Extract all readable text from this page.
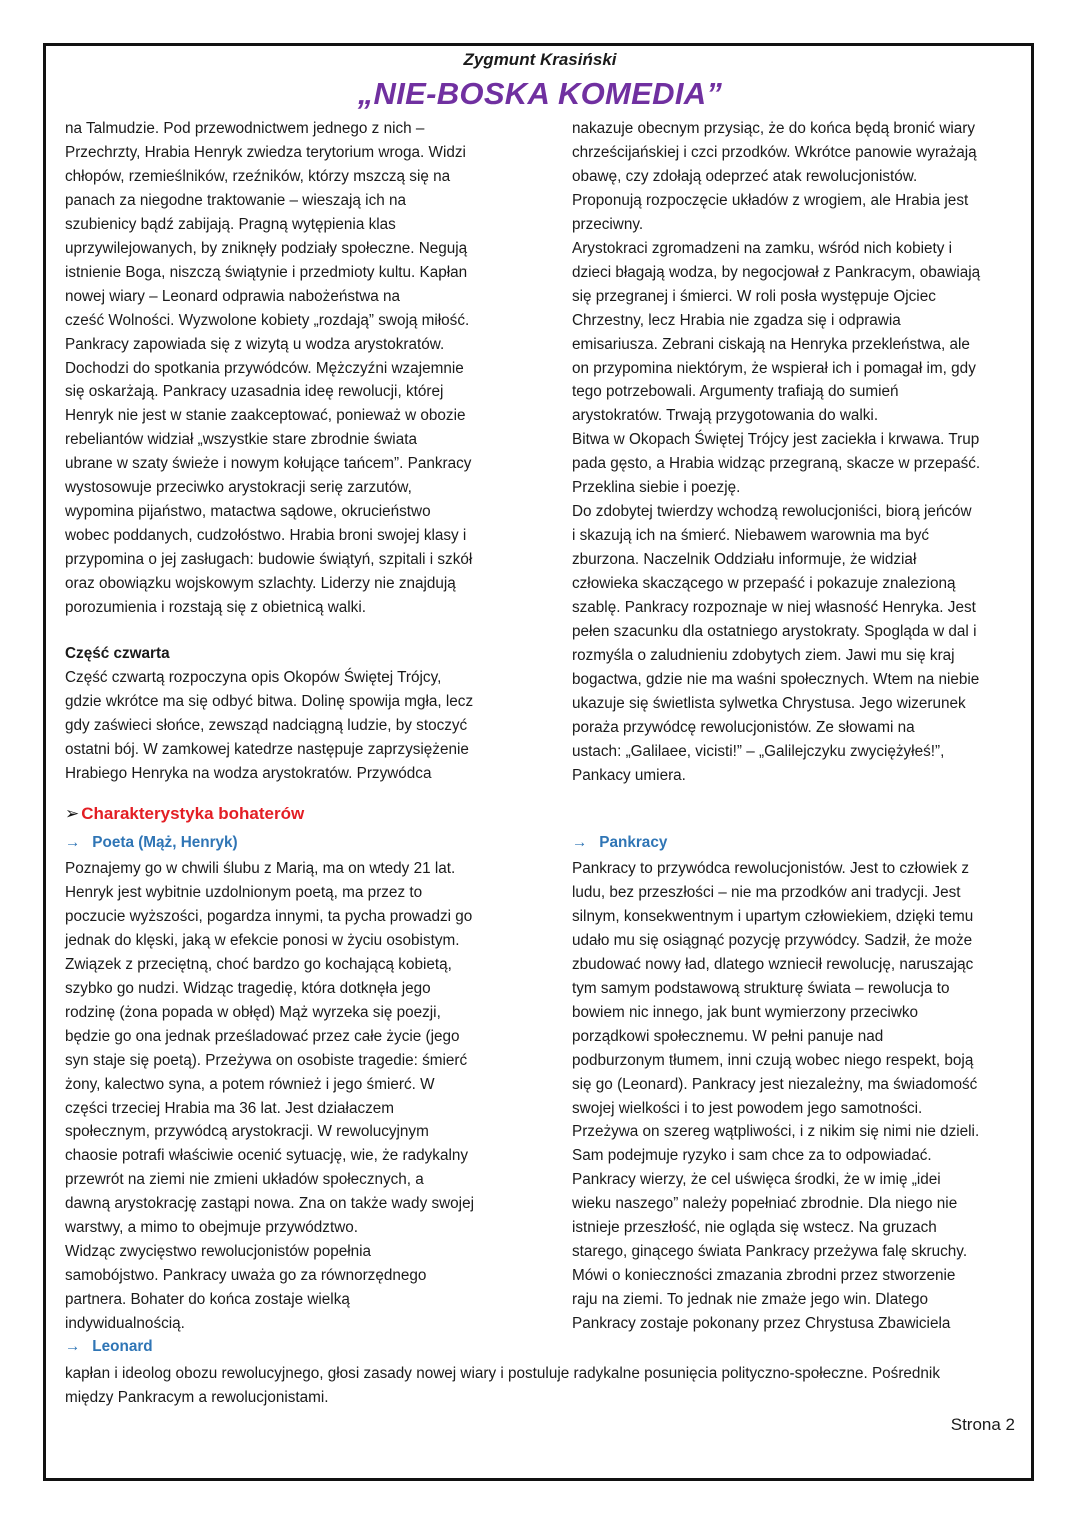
Zygmunt Krasiński
„NIE-BOSKA KOMEDIA”

na Talmudzie. Pod przewodnictwem jednego z nich –

Przechrzty, Hrabia Henryk zwiedza terytorium wroga. Widzi

chłopów, rzemieślników, rzeźników, którzy mszczą się na

panach za niegodne traktowanie – wieszają ich na

szubienicy bądź zabijają. Pragną wytępienia klas

uprzywilejowanych, by zniknęły podziały społeczne. Negują

istnienie Boga, niszczą świątynie i przedmioty kultu. Kapłan

nowej wiary – Leonard odprawia nabożeństwa na

cześć Wolności. Wyzwolone kobiety „rozdają” swoją miłość.

Pankracy zapowiada się z wizytą u wodza arystokratów.

Dochodzi do spotkania przywódców. Mężczyźni wzajemnie

się oskarżają. Pankracy uzasadnia ideę rewolucji, której

Henryk nie jest w stanie zaakceptować, ponieważ w obozie

rebeliantów widział „wszystkie stare zbrodnie świata

ubrane w szaty świeże i nowym kołujące tańcem”. Pankracy

wystosowuje przeciwko arystokracji serię zarzutów,

wypomina pijaństwo, matactwa sądowe, okrucieństwo

wobec poddanych, cudzołóstwo. Hrabia broni swojej klasy i

przypomina o jej zasługach: budowie świątyń, szpitali i szkół

oraz obowiązku wojskowym szlachty. Liderzy nie znajdują

porozumienia i rozstają się z obietnicą walki.

Część czwarta

Część czwartą rozpoczyna opis Okopów Świętej Trójcy,

gdzie wkrótce ma się odbyć bitwa. Dolinę spowija mgła, lecz

gdy zaświeci słońce, zewsząd nadciągną ludzie, by stoczyć

ostatni bój. W zamkowej katedrze następuje zaprzysiężenie

Hrabiego Henryka na wodza arystokratów. Przywódca

nakazuje obecnym przysiąc, że do końca będą bronić wiary

chrześcijańskiej i czci przodków. Wkrótce panowie wyrażają

obawę, czy zdołają odeprzeć atak rewolucjonistów.

Proponują rozpoczęcie układów z wrogiem, ale Hrabia jest

przeciwny.

Arystokraci zgromadzeni na zamku, wśród nich kobiety i

dzieci błagają wodza, by negocjował z Pankracym, obawiają

się przegranej i śmierci. W roli posła występuje Ojciec

Chrzestny, lecz Hrabia nie zgadza się i odprawia

emisariusza. Zebrani ciskają na Henryka przekleństwa, ale

on przypomina niektórym, że wspierał ich i pomagał im, gdy

tego potrzebowali. Argumenty trafiają do sumień

arystokratów. Trwają przygotowania do walki.

Bitwa w Okopach Świętej Trójcy jest zaciekła i krwawa. Trup

pada gęsto, a Hrabia widząc przegraną, skacze w przepaść.

Przeklina siebie i poezję.

Do zdobytej twierdzy wchodzą rewolucjoniści, biorą jeńców

i skazują ich na śmierć. Niebawem warownia ma być

zburzona. Naczelnik Oddziału informuje, że widział

człowieka skaczącego w przepaść i pokazuje znalezioną

szablę. Pankracy rozpoznaje w niej własność Henryka. Jest

pełen szacunku dla ostatniego arystokraty. Spogląda w dal i

rozmyśla o zaludnieniu zdobytych ziem. Jawi mu się kraj

bogactwa, gdzie nie ma waśni społecznych. Wtem na niebie

ukazuje się świetlista sylwetka Chrystusa. Jego wizerunek

poraża przywódcę rewolucjonistów. Ze słowami na

ustach: „Galilaee, vicisti!” – „Galilejczyku zwyciężyłeś!”,

Pankacy umiera.

➢ Charakterystyka bohaterów
→ Poeta (Mąż, Henryk)

Poznajemy go w chwili ślubu z Marią, ma on wtedy 21 lat.

Henryk jest wybitnie uzdolnionym poetą, ma przez to

poczucie wyższości, pogardza innymi, ta pycha prowadzi go

jednak do klęski, jaką w efekcie ponosi w życiu osobistym.

Związek z przeciętną, choć bardzo go kochającą kobietą,

szybko go nudzi. Widząc tragedię, która dotknęła jego

rodzinę (żona popada w obłęd) Mąż wyrzeka się poezji,

będzie go ona jednak prześladować przez całe życie (jego

syn staje się poetą). Przeżywa on osobiste tragedie: śmierć

żony, kalectwo syna, a potem również i jego śmierć. W

części trzeciej Hrabia ma 36 lat. Jest działaczem

społecznym, przywódcą arystokracji. W rewolucyjnym

chaosie potrafi właściwie ocenić sytuację, wie, że radykalny

przewrót na ziemi nie zmieni układów społecznych, a

dawną arystokrację zastąpi nowa. Zna on także wady swojej

warstwy, a mimo to obejmuje przywództwo.

Widząc zwycięstwo rewolucjonistów popełnia

samobójstwo. Pankracy uważa go za równorzędnego

partnera. Bohater do końca zostaje wielką

indywidualnością.

→ Pankracy

Pankracy to przywódca rewolucjonistów. Jest to człowiek z

ludu, bez przeszłości – nie ma przodków ani tradycji. Jest

silnym, konsekwentnym i upartym człowiekiem, dzięki temu

udało mu się osiągnąć pozycję przywódcy. Sadził, że może

zbudować nowy ład, dlatego wzniecił rewolucję, naruszając

tym samym podstawową strukturę świata – rewolucja to

bowiem nic innego, jak bunt wymierzony przeciwko

porządkowi społecznemu. W pełni panuje nad

podburzonym tłumem, inni czują wobec niego respekt, boją

się go (Leonard). Pankracy jest niezależny, ma świadomość

swojej wielkości i to jest powodem jego samotności.

Przeżywa on szereg wątpliwości, i z nikim się nimi nie dzieli.

Sam podejmuje ryzyko i sam chce za to odpowiadać.

Pankracy wierzy, że cel uświęca środki, że w imię „idei

wieku naszego” należy popełniać zbrodnie. Dla niego nie

istnieje przeszłość, nie ogląda się wstecz. Na gruzach

starego, ginącego świata Pankracy przeżywa falę skruchy.

Mówi o konieczności zmazania zbrodni przez stworzenie

raju na ziemi. To jednak nie zmaże jego win. Dlatego

Pankracy zostaje pokonany przez Chrystusa Zbawiciela

→ Leonard

kapłan i ideolog obozu rewolucyjnego, głosi zasady nowej wiary i postuluje radykalne posunięcia polityczno-społeczne. Pośrednik

między Pankracym a rewolucjonistami.

Strona 2
